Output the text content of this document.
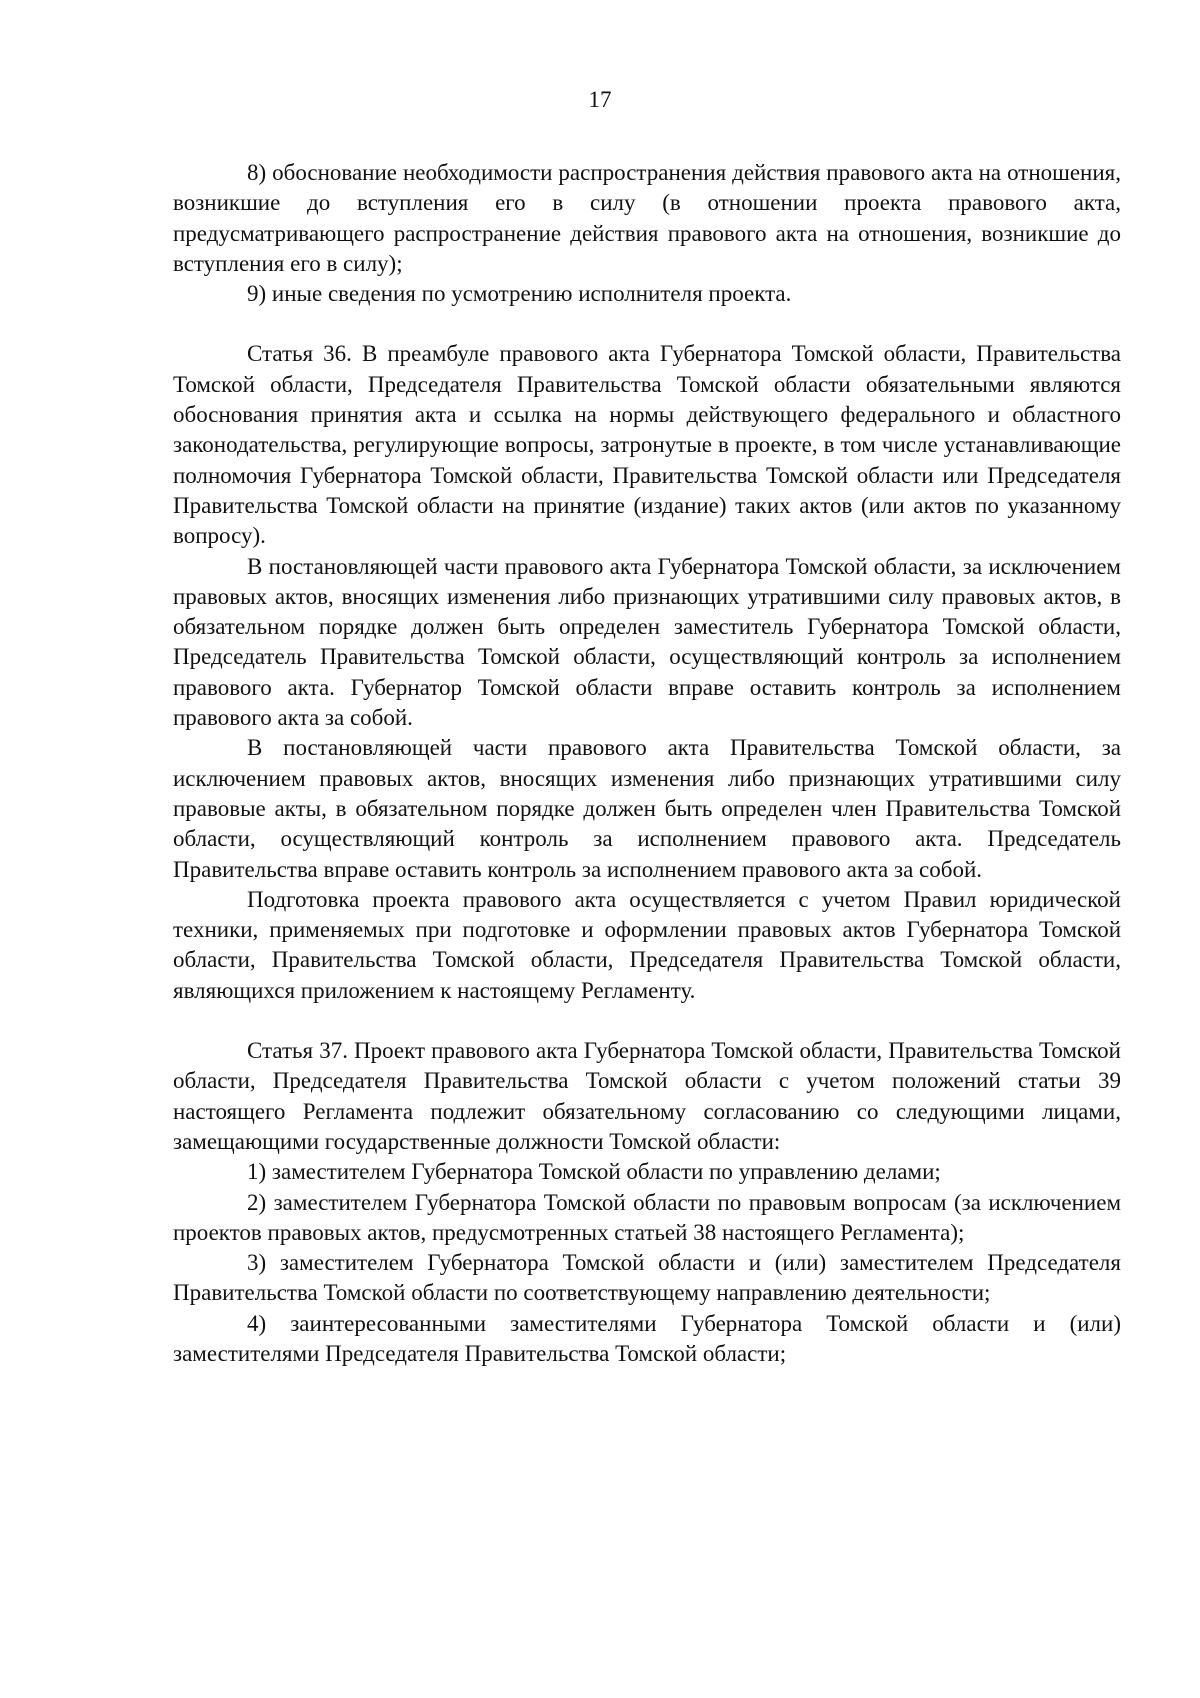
17

8) обоснование необходимости распространения действия правового акта на отношения, возникшие до вступления его в силу (в отношении проекта правового акта, предусматривающего распространение действия правового акта на отношения, возникшие до вступления его в силу);

9) иные сведения по усмотрению исполнителя проекта.

Статья 36. В преамбуле правового акта Губернатора Томской области, Правительства Томской области, Председателя Правительства Томской области обязательными являются обоснования принятия акта и ссылка на нормы действующего федерального и областного законодательства, регулирующие вопросы, затронутые в проекте, в том числе устанавливающие полномочия Губернатора Томской области, Правительства Томской области или Председателя Правительства Томской области на принятие (издание) таких актов (или актов по указанному вопросу).

В постановляющей части правового акта Губернатора Томской области, за исключением правовых актов, вносящих изменения либо признающих утратившими силу правовых актов, в обязательном порядке должен быть определен заместитель Губернатора Томской области, Председатель Правительства Томской области, осуществляющий контроль за исполнением правового акта. Губернатор Томской области вправе оставить контроль за исполнением правового акта за собой.

В постановляющей части правового акта Правительства Томской области, за исключением правовых актов, вносящих изменения либо признающих утратившими силу правовые акты, в обязательном порядке должен быть определен член Правительства Томской области, осуществляющий контроль за исполнением правового акта. Председатель Правительства вправе оставить контроль за исполнением правового акта за собой.

Подготовка проекта правового акта осуществляется с учетом Правил юридической техники, применяемых при подготовке и оформлении правовых актов Губернатора Томской области, Правительства Томской области, Председателя Правительства Томской области, являющихся приложением к настоящему Регламенту.

Статья 37. Проект правового акта Губернатора Томской области, Правительства Томской области, Председателя Правительства Томской области с учетом положений статьи 39 настоящего Регламента подлежит обязательному согласованию со следующими лицами, замещающими государственные должности Томской области:

1) заместителем Губернатора Томской области по управлению делами;

2) заместителем Губернатора Томской области по правовым вопросам (за исключением проектов правовых актов, предусмотренных статьей 38 настоящего Регламента);

3) заместителем Губернатора Томской области и (или) заместителем Председателя Правительства Томской области по соответствующему направлению деятельности;

4) заинтересованными заместителями Губернатора Томской области и (или) заместителями Председателя Правительства Томской области;
